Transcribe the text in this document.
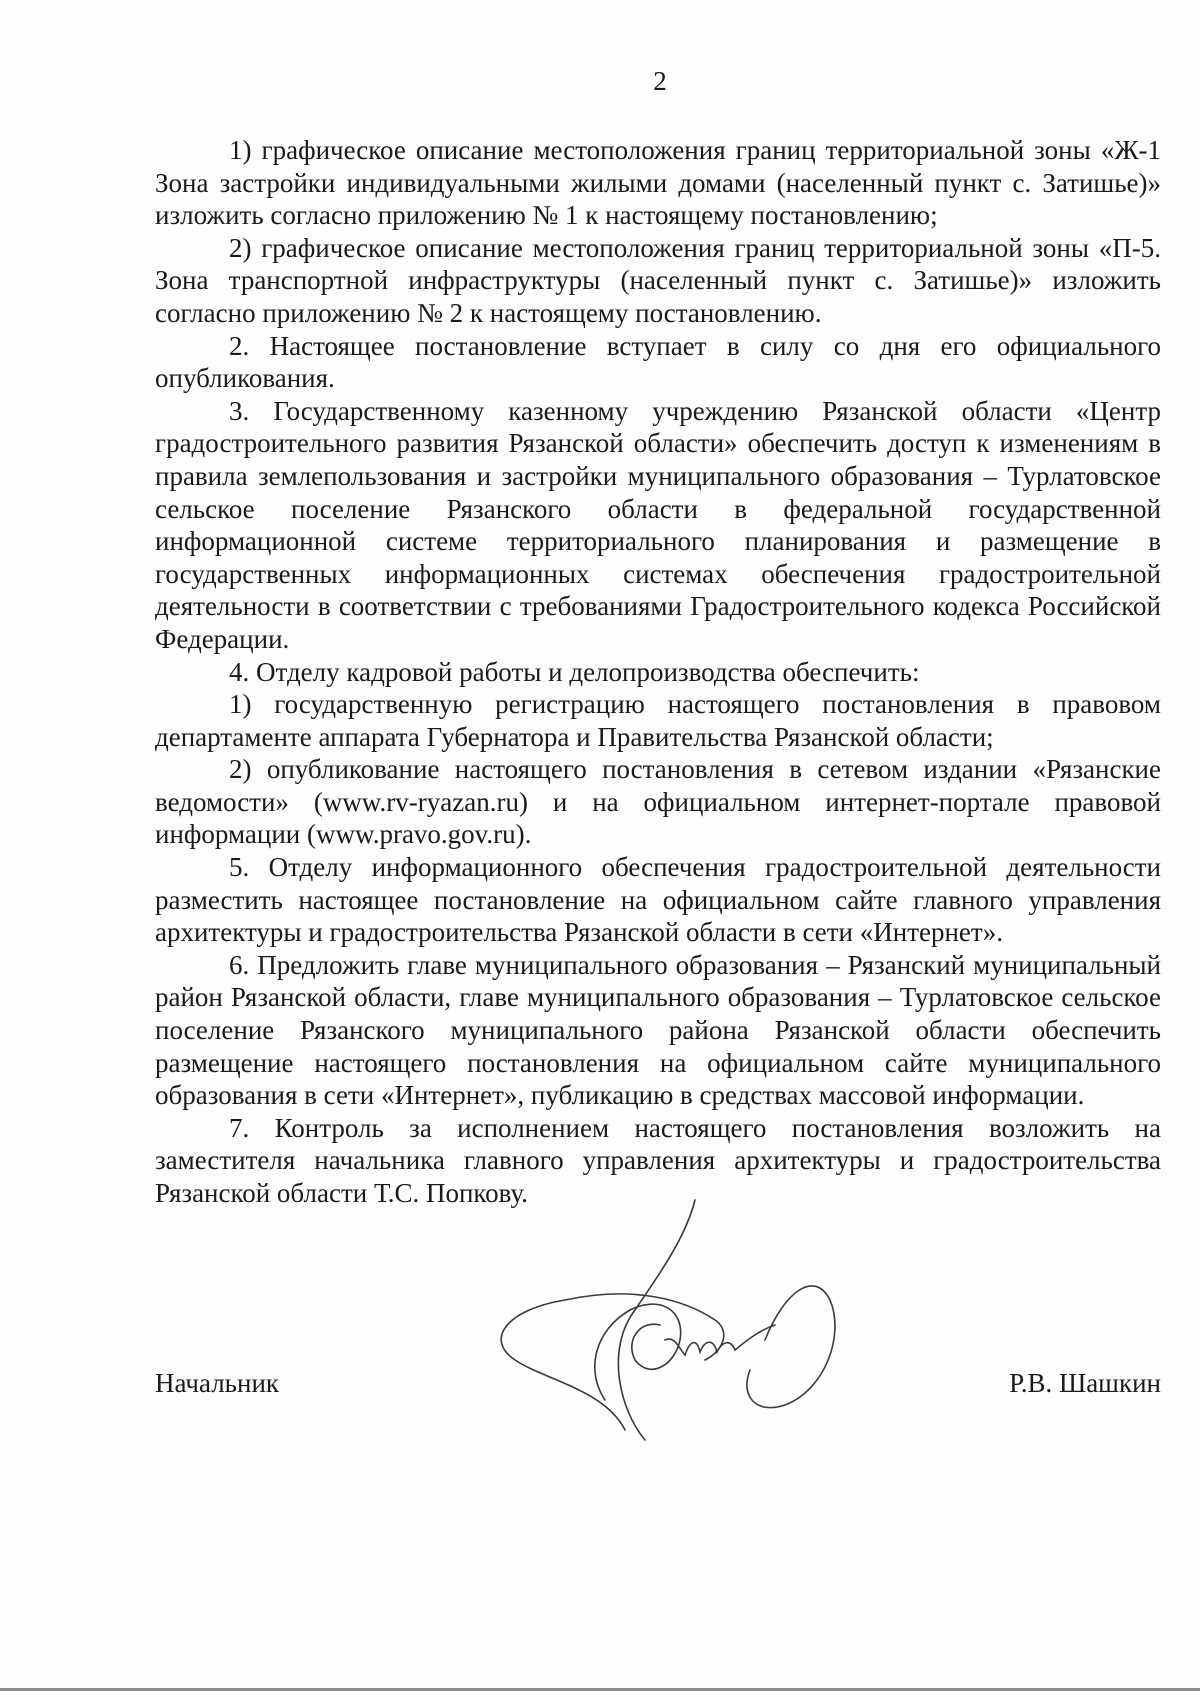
2

1) графическое описание местоположения границ территориальной зоны «Ж-1 Зона застройки индивидуальными жилыми домами (населенный пункт с. Затишье)» изложить согласно приложению № 1 к настоящему постановлению;

2) графическое описание местоположения границ территориальной зоны «П-5. Зона транспортной инфраструктуры (населенный пункт с. Затишье)» изложить согласно приложению № 2 к настоящему постановлению.

2. Настоящее постановление вступает в силу со дня его официального опубликования.

3. Государственному казенному учреждению Рязанской области «Центр градостроительного развития Рязанской области» обеспечить доступ к изменениям в правила землепользования и застройки муниципального образования – Турлатовское сельское поселение Рязанского области в федеральной государственной информационной системе территориального планирования и размещение в государственных информационных системах обеспечения градостроительной деятельности в соответствии с требованиями Градостроительного кодекса Российской Федерации.

4. Отделу кадровой работы и делопроизводства обеспечить:

1) государственную регистрацию настоящего постановления в правовом департаменте аппарата Губернатора и Правительства Рязанской области;

2) опубликование настоящего постановления в сетевом издании «Рязанские ведомости» (www.rv-ryazan.ru) и на официальном интернет-портале правовой информации (www.pravo.gov.ru).

5. Отделу информационного обеспечения градостроительной деятельности разместить настоящее постановление на официальном сайте главного управления архитектуры и градостроительства Рязанской области в сети «Интернет».

6. Предложить главе муниципального образования – Рязанский муниципальный район Рязанской области, главе муниципального образования – Турлатовское сельское поселение Рязанского муниципального района Рязанской области обеспечить размещение настоящего постановления на официальном сайте муниципального образования в сети «Интернет», публикацию в средствах массовой информации.

7. Контроль за исполнением настоящего постановления возложить на заместителя начальника главного управления архитектуры и градостроительства Рязанской области Т.С. Попкову.

Начальник	Р.В. Шашкин
